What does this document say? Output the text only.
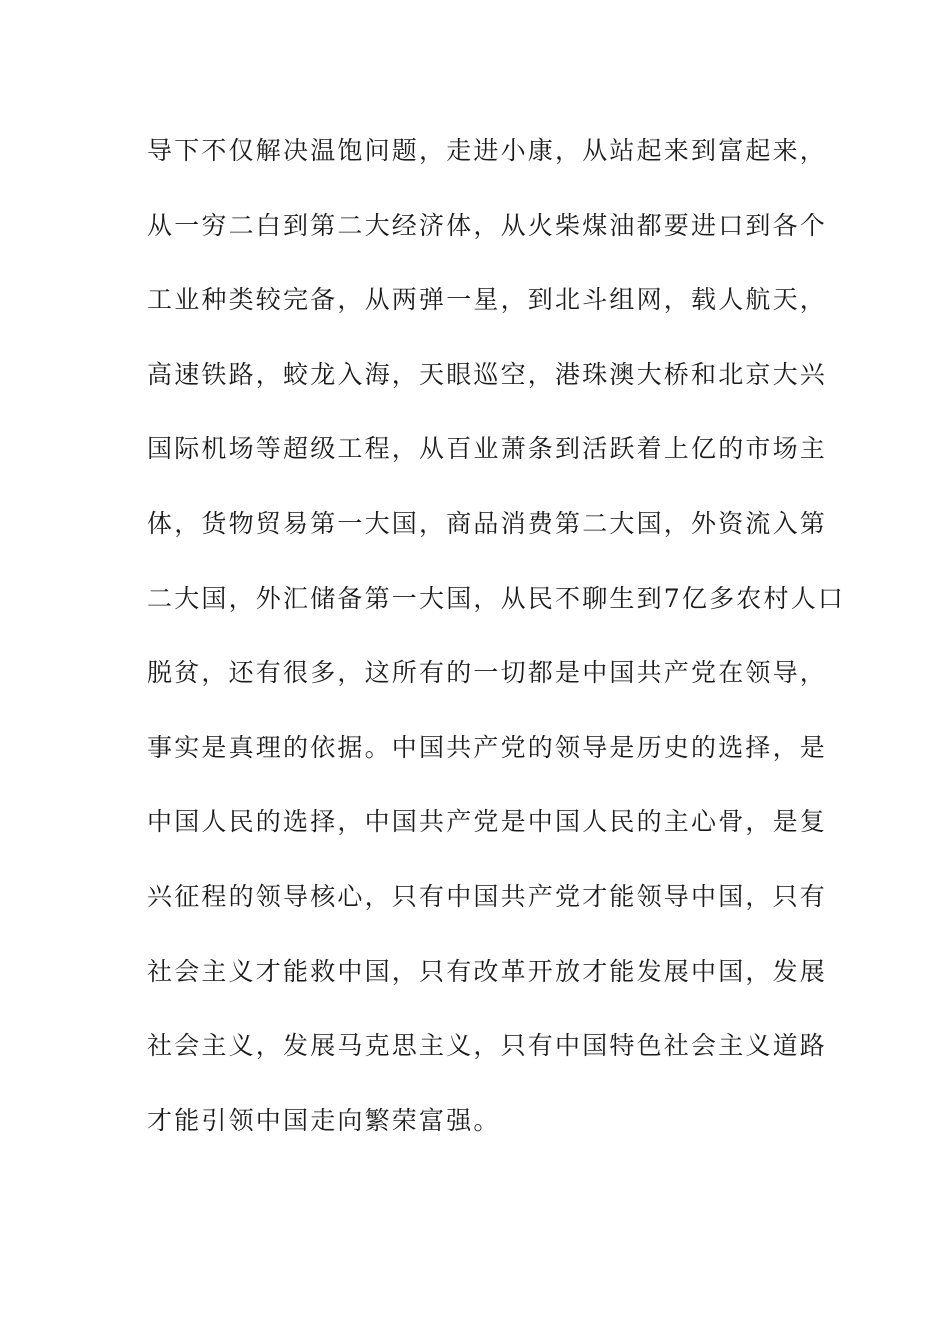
导下不仅解决温饱问题，走进小康，从站起来到富起来，
从一穷二白到第二大经济体，从火柴煤油都要进口到各个
工业种类较完备，从两弹一星，到北斗组网，载人航天，
高速铁路，蛟龙入海，天眼巡空，港珠澳大桥和北京大兴
国际机场等超级工程，从百业萧条到活跃着上亿的市场主
体，货物贸易第一大国，商品消费第二大国，外资流入第
二大国，外汇储备第一大国，从民不聊生到7亿多农村人口
脱贫，还有很多，这所有的一切都是中国共产党在领导，
事实是真理的依据。中国共产党的领导是历史的选择，是
中国人民的选择，中国共产党是中国人民的主心骨，是复
兴征程的领导核心，只有中国共产党才能领导中国，只有
社会主义才能救中国，只有改革开放才能发展中国，发展
社会主义，发展马克思主义，只有中国特色社会主义道路
才能引领中国走向繁荣富强。
